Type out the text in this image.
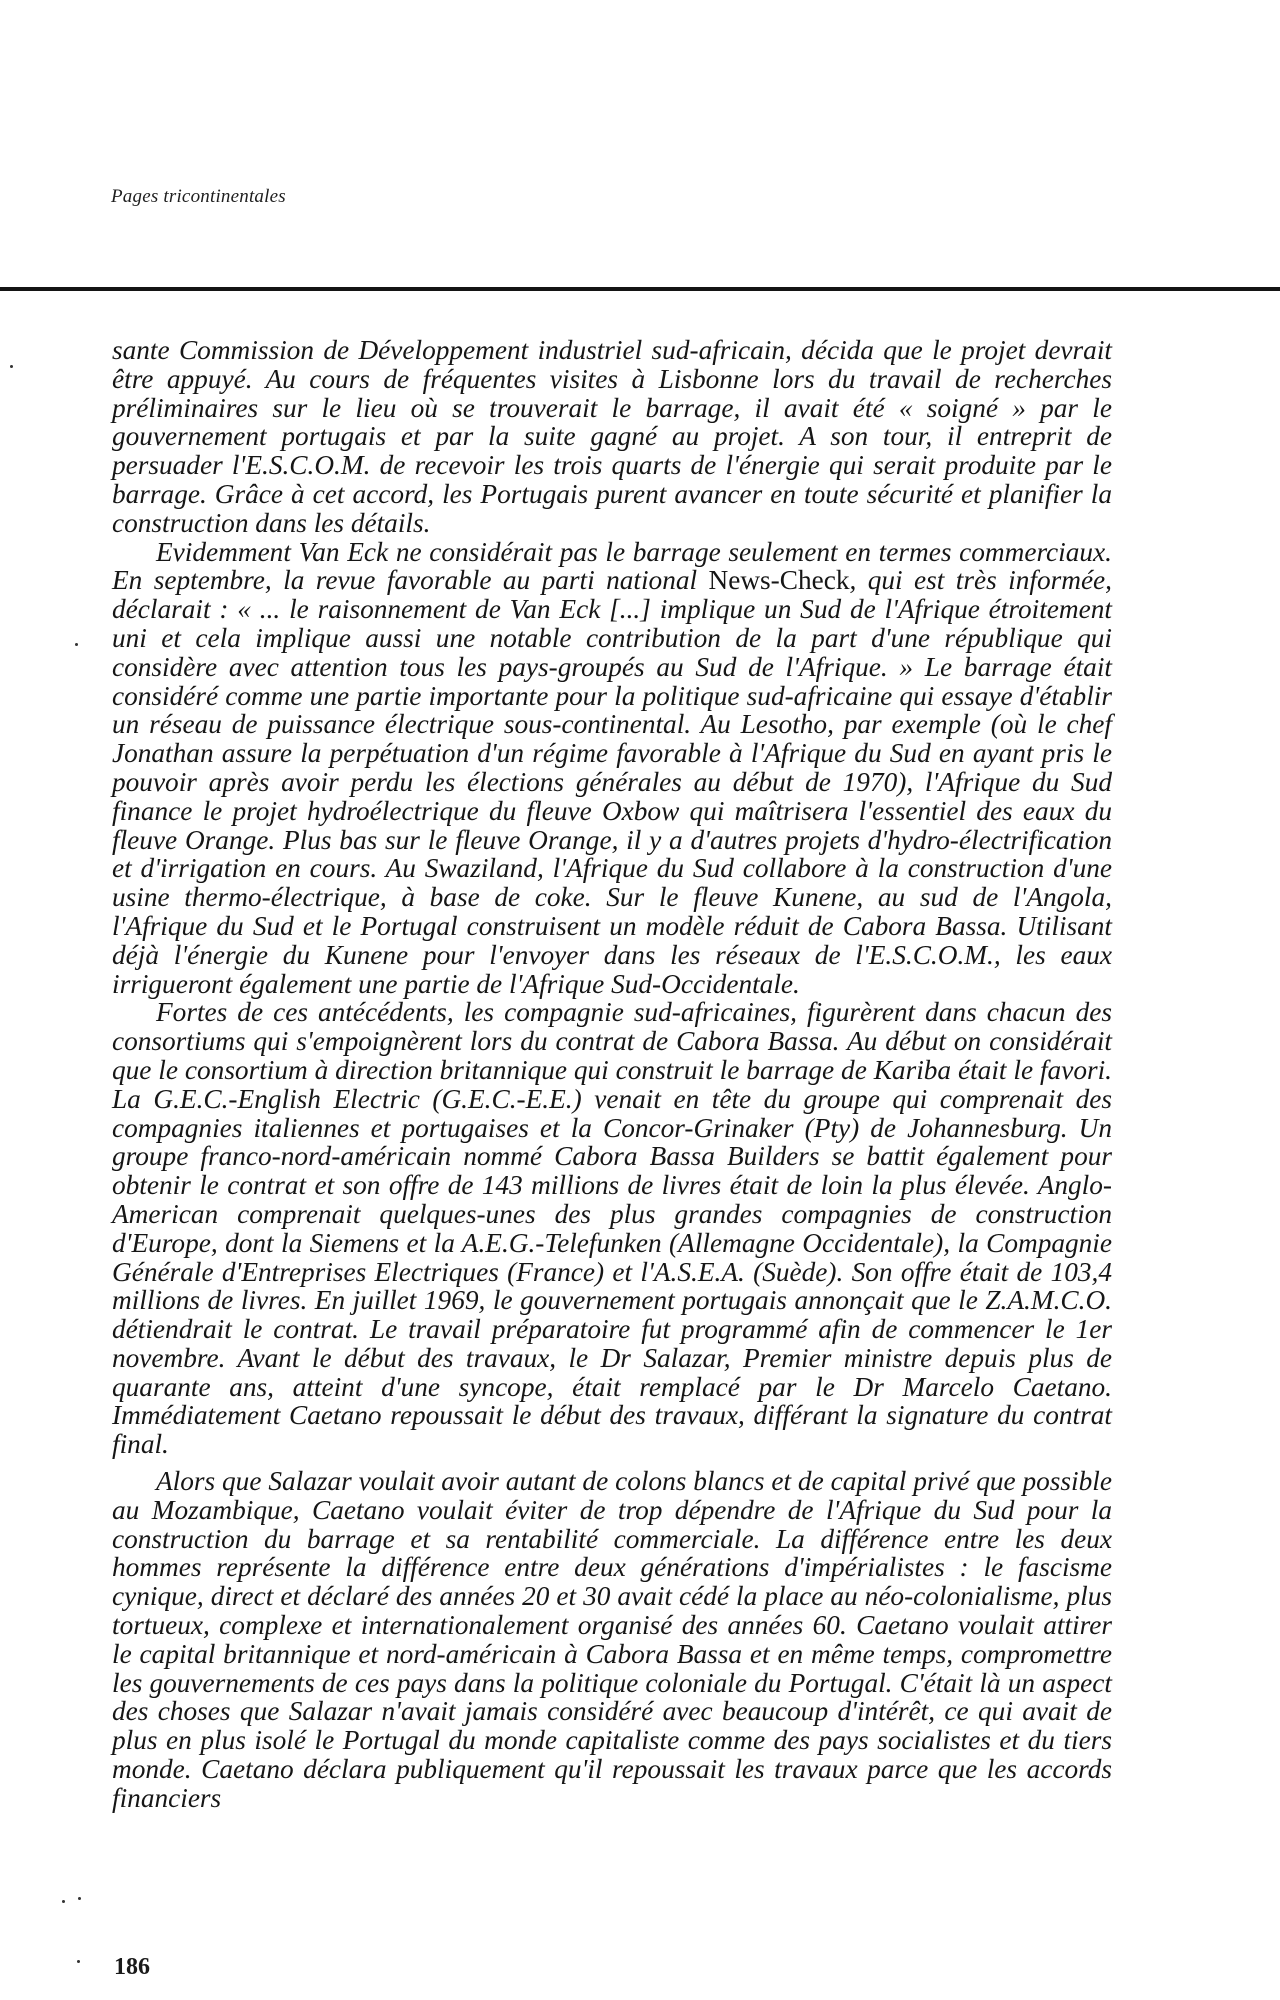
Pages tricontinentales

sante Commission de Développement industriel sud-africain, décida que le projet devrait être appuyé. Au cours de fréquentes visites à Lisbonne lors du travail de recherches préliminaires sur le lieu où se trouverait le barrage, il avait été « soigné » par le gouvernement portugais et par la suite gagné au projet. A son tour, il entreprit de persuader l'E.S.C.O.M. de recevoir les trois quarts de l'énergie qui serait produite par le barrage. Grâce à cet accord, les Portugais purent avancer en toute sécurité et planifier la construction dans les détails.

Evidemment Van Eck ne considérait pas le barrage seulement en termes commerciaux. En septembre, la revue favorable au parti national News-Check, qui est très informée, déclarait : « ... le raisonnement de Van Eck [...] implique un Sud de l'Afrique étroitement uni et cela implique aussi une notable contribution de la part d'une république qui considère avec attention tous les pays-groupés au Sud de l'Afrique. » Le barrage était considéré comme une partie importante pour la politique sud-africaine qui essaye d'établir un réseau de puissance électrique sous-continental. Au Lesotho, par exemple (où le chef Jonathan assure la perpétuation d'un régime favorable à l'Afrique du Sud en ayant pris le pouvoir après avoir perdu les élections générales au début de 1970), l'Afrique du Sud finance le projet hydroélectrique du fleuve Oxbow qui maîtrisera l'essentiel des eaux du fleuve Orange. Plus bas sur le fleuve Orange, il y a d'autres projets d'hydro-électrification et d'irrigation en cours. Au Swaziland, l'Afrique du Sud collabore à la construction d'une usine thermo-électrique, à base de coke. Sur le fleuve Kunene, au sud de l'Angola, l'Afrique du Sud et le Portugal construisent un modèle réduit de Cabora Bassa. Utilisant déjà l'énergie du Kunene pour l'envoyer dans les réseaux de l'E.S.C.O.M., les eaux irrigueront également une partie de l'Afrique Sud-Occidentale.

Fortes de ces antécédents, les compagnie sud-africaines, figurèrent dans chacun des consortiums qui s'empoignèrent lors du contrat de Cabora Bassa. Au début on considérait que le consortium à direction britannique qui construit le barrage de Kariba était le favori. La G.E.C.-English Electric (G.E.C.-E.E.) venait en tête du groupe qui comprenait des compagnies italiennes et portugaises et la Concor-Grinaker (Pty) de Johannesburg. Un groupe franco-nord-américain nommé Cabora Bassa Builders se battit également pour obtenir le contrat et son offre de 143 millions de livres était de loin la plus élevée. Anglo-American comprenait quelques-unes des plus grandes compagnies de construction d'Europe, dont la Siemens et la A.E.G.-Telefunken (Allemagne Occidentale), la Compagnie Générale d'Entreprises Electriques (France) et l'A.S.E.A. (Suède). Son offre était de 103,4 millions de livres. En juillet 1969, le gouvernement portugais annonçait que le Z.A.M.C.O. détiendrait le contrat. Le travail préparatoire fut programmé afin de commencer le 1er novembre. Avant le début des travaux, le Dr Salazar, Premier ministre depuis plus de quarante ans, atteint d'une syncope, était remplacé par le Dr Marcelo Caetano. Immédiatement Caetano repoussait le début des travaux, différant la signature du contrat final.

Alors que Salazar voulait avoir autant de colons blancs et de capital privé que possible au Mozambique, Caetano voulait éviter de trop dépendre de l'Afrique du Sud pour la construction du barrage et sa rentabilité commerciale. La différence entre les deux hommes représente la différence entre deux générations d'impérialistes : le fascisme cynique, direct et déclaré des années 20 et 30 avait cédé la place au néo-colonialisme, plus tortueux, complexe et internationalement organisé des années 60. Caetano voulait attirer le capital britannique et nord-américain à Cabora Bassa et en même temps, compromettre les gouvernements de ces pays dans la politique coloniale du Portugal. C'était là un aspect des choses que Salazar n'avait jamais considéré avec beaucoup d'intérêt, ce qui avait de plus en plus isolé le Portugal du monde capitaliste comme des pays socialistes et du tiers monde. Caetano déclara publiquement qu'il repoussait les travaux parce que les accords financiers

186
